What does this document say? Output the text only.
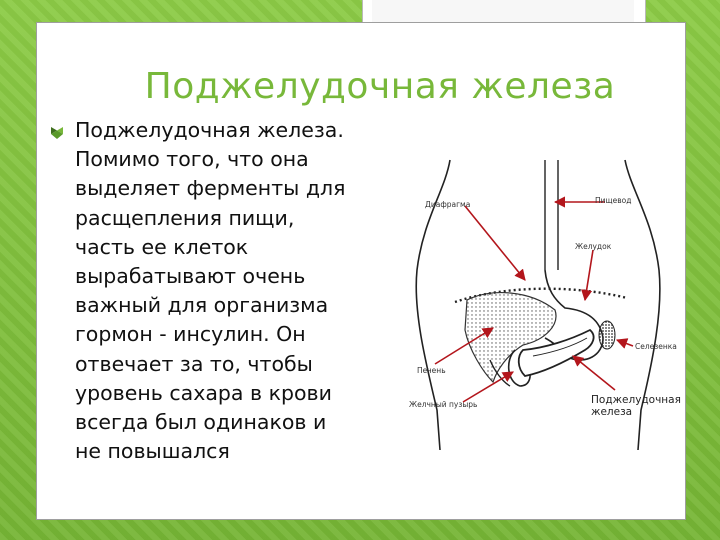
Поджелудочная железа
Поджелудочная железа.
Помимо того, что она
выделяет ферменты для
расщепления пищи,
часть ее клеток
вырабатывают очень
важный для организма
гормон - инсулин. Он
отвечает за то, чтобы
уровень сахара в крови
всегда был одинаков и
не повышался
Диафрагма	Пищевод
Желудок
Селезенка
Печень
Желчный пузырь	Поджелудочная
железа
